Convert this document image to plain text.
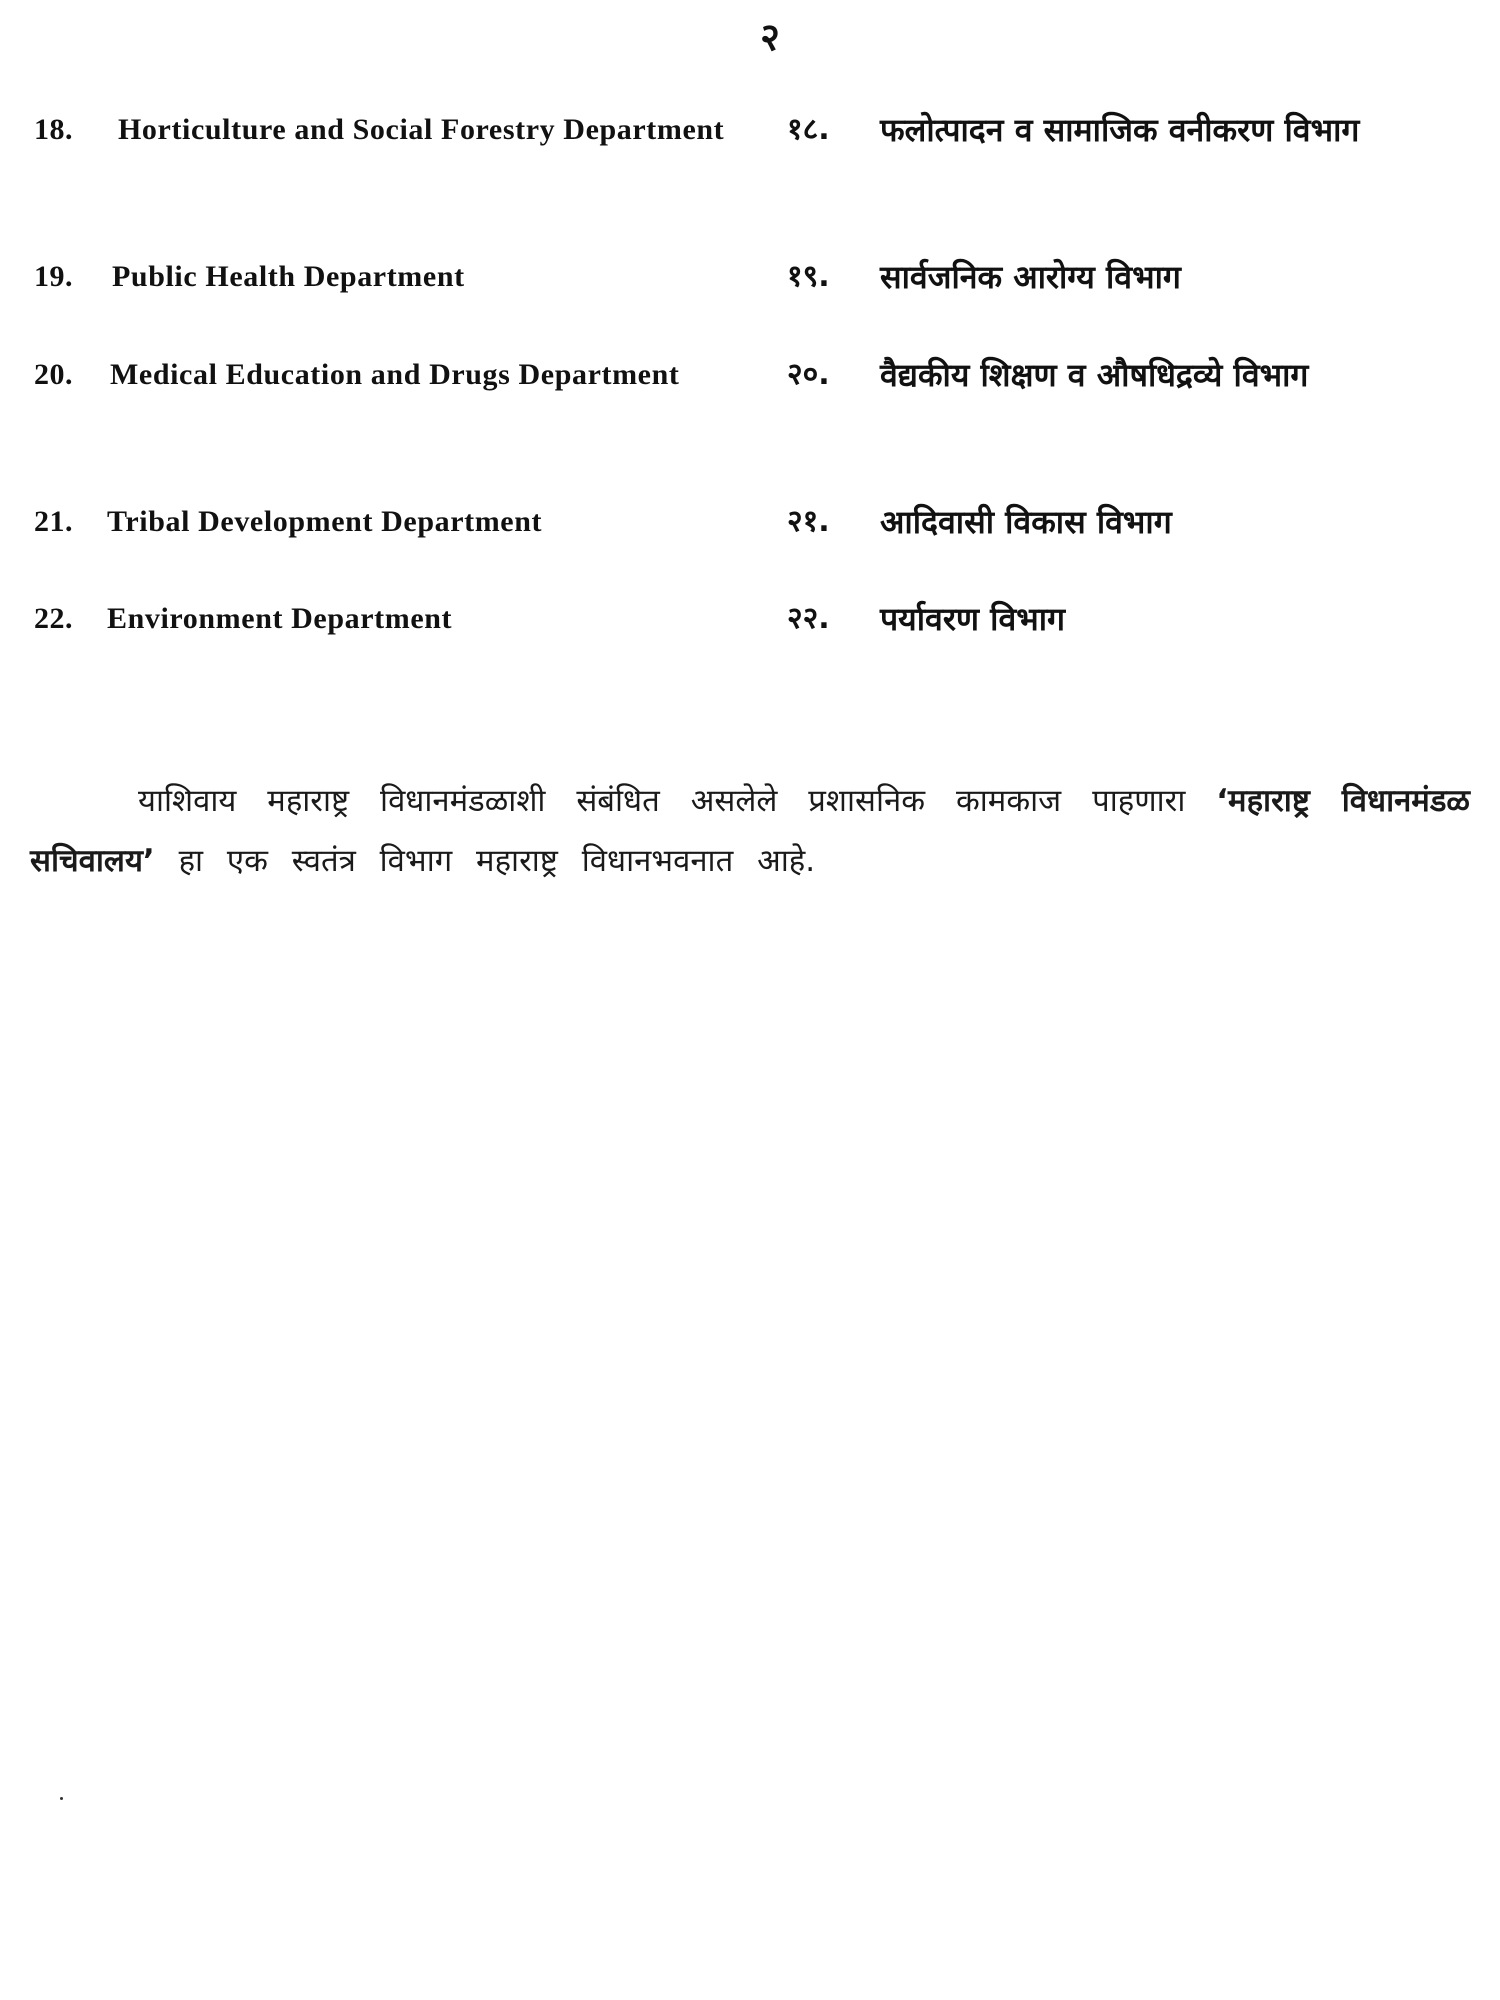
२
18. Horticulture and Social Forestry Department	१८. फलोत्पादन व सामाजिक वनीकरण विभाग
19. Public Health Department	१९. सार्वजनिक आरोग्य विभाग
20. Medical Education and Drugs Department	२०. वैद्यकीय शिक्षण व औषधिद्रव्ये विभाग
21. Tribal Development Department	२१. आदिवासी विकास विभाग
22. Environment Department	२२. पर्यावरण विभाग

याशिवाय महाराष्ट्र विधानमंडळाशी संबंधित असलेले प्रशासनिक कामकाज पाहणारा ‘महाराष्ट्र विधानमंडळ सचिवालय’ हा एक स्वतंत्र विभाग महाराष्ट्र विधानभवनात आहे.
